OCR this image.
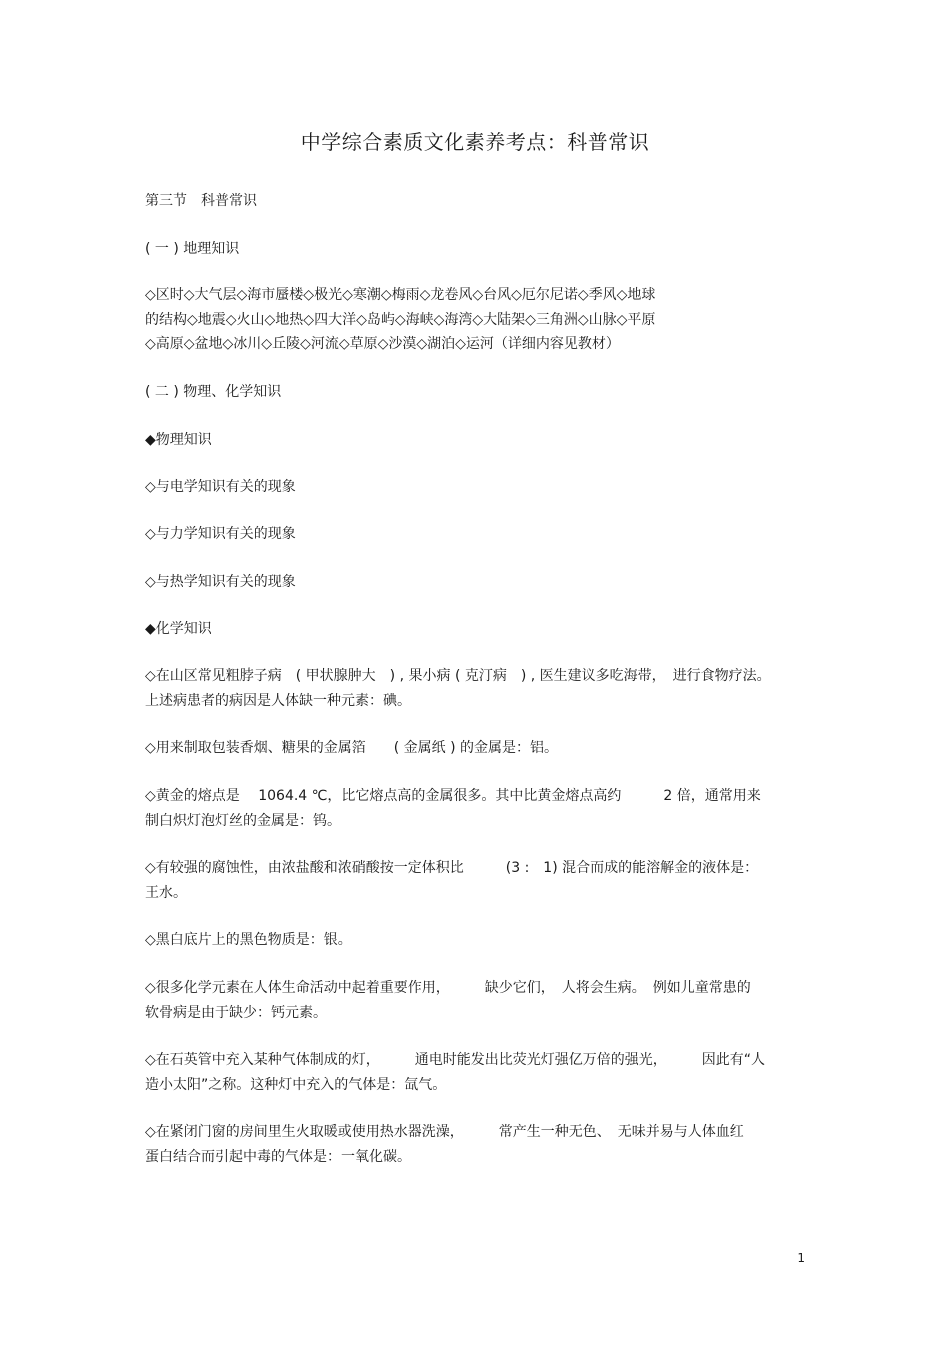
中学综合素质文化素养考点：科普常识
第三节　科普常识
( 一 ) 地理知识
◇区时◇大气层◇海市蜃楼◇极光◇寒潮◇梅雨◇龙卷风◇台风◇厄尔尼诺◇季风◇地球
的结构◇地震◇火山◇地热◇四大洋◇岛屿◇海峡◇海湾◇大陆架◇三角洲◇山脉◇平原
◇高原◇盆地◇冰川◇丘陵◇河流◇草原◇沙漠◇湖泊◇运河（详细内容见教材）
( 二 ) 物理、化学知识
◆物理知识
◇与电学知识有关的现象
◇与力学知识有关的现象
◇与热学知识有关的现象
◆化学知识
◇在山区常见粗脖子病　( 甲状腺肿大　) , 果小病 ( 克汀病　) , 医生建议多吃海带，　进行食物疗法。
上述病患者的病因是人体缺一种元素：碘。
◇用来制取包装香烟、糖果的金属箔　　( 金属纸 ) 的金属是：铝。
◇黄金的熔点是　 1064.4 ℃，比它熔点高的金属很多。其中比黄金熔点高约　　　2 倍，通常用来
制白炽灯泡灯丝的金属是：钨。
◇有较强的腐蚀性，由浓盐酸和浓硝酸按一定体积比　　　(3 :　1) 混合而成的能溶解金的液体是：
王水。
◇黑白底片上的黑色物质是：银。
◇很多化学元素在人体生命活动中起着重要作用，　　　缺少它们，　人将会生病。　例如儿童常患的
软骨病是由于缺少：钙元素。
◇在石英管中充入某种气体制成的灯，　　　通电时能发出比荧光灯强亿万倍的强光，　　　因此有“人
造小太阳”之称。这种灯中充入的气体是：氙气。
◇在紧闭门窗的房间里生火取暖或使用热水器洗澡，　　　常产生一种无色、　无味并易与人体血红
蛋白结合而引起中毒的气体是：一氧化碳。
1
